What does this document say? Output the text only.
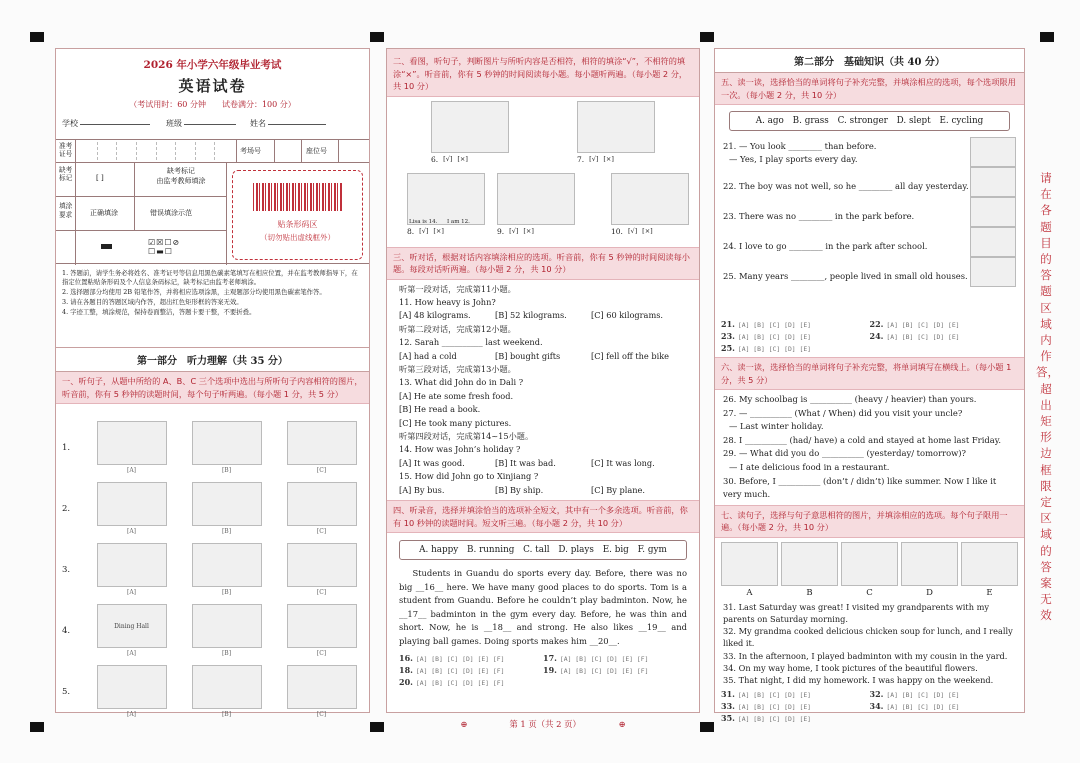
2026 年小学六年级毕业考试
英语试卷
（考试用时：60 分钟　　试卷满分：100 分）
学校	班级	姓名
准考证号	考场号	座位号
缺考标记	[ ]
缺考标记
由监考教师填涂
填涂要求	正确填涂	错误填涂示范
☑☒☐⊘
☐▬☐
贴条形码区
（切勿贴出虚线框外）
1. 答题前，请学生务必将姓名、准考证号等信息用黑色碳素笔填写在相应位置，并在监考教师指导下，在指定位置粘贴条形码及个人信息条码标记，缺考标记由监考老师填涂。
2. 选择题部分均使用 2B 铅笔作答，并将相应选项涂黑，主观题部分均使用黑色碳素笔作答。
3. 请在各题目的答题区域内作答，超出红色矩形框的答案无效。
4. 字迹工整，填涂规范，保持卷面整洁，答题卡要干整，不要折叠。
第一部分　听力理解（共 35 分）
一、听句子，从题中所给的 A、B、C 三个选项中选出与所听句子内容相符的图片，听音前，你有 5 秒钟的读题时间，每个句子听两遍。（每小题 1 分，共 5 分）
1.
[A]	[B]	[C]
2.
[A]	[B]	[C]
3.
[A]	[B]	[C]
4.	Dining Hall
[A]	[B]	[C]
5.
[A]	[B]	[C]
二、看图，听句子，判断图片与所听内容是否相符，相符的填涂“√”，不相符的填涂“×”。听音前，你有 5 秒钟的时间阅读每小题。每小题听两遍。（每小题 2 分，共 10 分）
6. [√] [×]	7. [√] [×]
8. [√] [×]	9. [√] [×]	10. [√] [×]
Lisa is 14. I am 12.
三、听对话，根据对话内容填涂相应的选项。听音前，你有 5 秒钟的时间阅读每小题。每段对话听两遍。（每小题 2 分，共 10 分）
听第一段对话，完成第11小题。
11. How heavy is John?
[A] 48 kilograms.	[B] 52 kilograms.	[C] 60 kilograms.
听第二段对话，完成第12小题。
12. Sarah __________ last weekend.
[A] had a cold	[B] bought gifts	[C] fell off the bike
听第三段对话，完成第13小题。
13. What did John do in Dali ?
[A] He ate some fresh food.
[B] He read a book.
[C] He took many pictures.
听第四段对话，完成第14~15小题。
14. How was John’s holiday ?
[A] It was good.	[B] It was bad.	[C] It was long.
15. How did John go to Xinjiang ?
[A] By bus.	[B] By ship.	[C] By plane.
四、听录音，选择并填涂恰当的选项补全短文，其中有一个多余选项。听音前，你有 10 秒钟的读题时间。短文听三遍。（每小题 2 分，共 10 分）
A. happy　B. running　C. tall　D. plays　E. big　F. gym
Students in Guandu do sports every day. Before, there was no big __16__ here. We have many good places to do sports. Tom is a student from Guandu. Before he couldn’t play badminton. Now, he __17__ badminton in the gym every day. Before, he was thin and short. Now, he is __18__ and strong. He also likes __19__ and playing ball games. Doing sports makes him __20__.
16. [A] [B] [C] [D] [E] [F]	17. [A] [B] [C] [D] [E] [F]
18. [A] [B] [C] [D] [E] [F]	19. [A] [B] [C] [D] [E] [F]
20. [A] [B] [C] [D] [E] [F]
⊕　　　　　第 1 页（共 2 页）　　　　　⊕
第二部分　基础知识（共 40 分）
五、读一读，选择恰当的单词将句子补充完整，并填涂相应的选项，每个选项限用一次。（每小题 2 分，共 10 分）
A. ago　B. grass　C. stronger　D. slept　E. cycling
21. — You look ________ than before.
— Yes, I play sports every day.
22. The boy was not well, so he ________ all day yesterday.
23. There was no ________ in the park before.
24. I love to go ________ in the park after school.
25. Many years ________, people lived in small old houses.
21. [A] [B] [C] [D] [E]	22. [A] [B] [C] [D] [E]
23. [A] [B] [C] [D] [E]	24. [A] [B] [C] [D] [E]
25. [A] [B] [C] [D] [E]
六、读一读，选择恰当的单词将句子补充完整，将单词填写在横线上。（每小题 1 分，共 5 分）
26. My schoolbag is __________ (heavy / heavier) than yours.
27. — __________ (What / When) did you visit your uncle?
— Last winter holiday.
28. I __________ (had/ have) a cold and stayed at home last Friday.
29. — What did you do __________ (yesterday/ tomorrow)?
— I ate delicious food in a restaurant.
30. Before, I __________ (don’t / didn’t) like summer. Now I like it very much.
七、读句子，选择与句子意思相符的图片，并填涂相应的选项。每个句子限用一遍。（每小题 2 分，共 10 分）
A	B	C	D	E
31. Last Saturday was great! I visited my grandparents with my parents on Saturday morning.
32. My grandma cooked delicious chicken soup for lunch, and I really liked it.
33. In the afternoon, I played badminton with my cousin in the yard.
34. On my way home, I took pictures of the beautiful flowers.
35. That night, I did my homework. I was happy on the weekend.
31. [A] [B] [C] [D] [E]	32. [A] [B] [C] [D] [E]
33. [A] [B] [C] [D] [E]	34. [A] [B] [C] [D] [E]
35. [A] [B] [C] [D] [E]
请在各题目的答题区域内作答，超出矩形边框限定区域的答案无效
